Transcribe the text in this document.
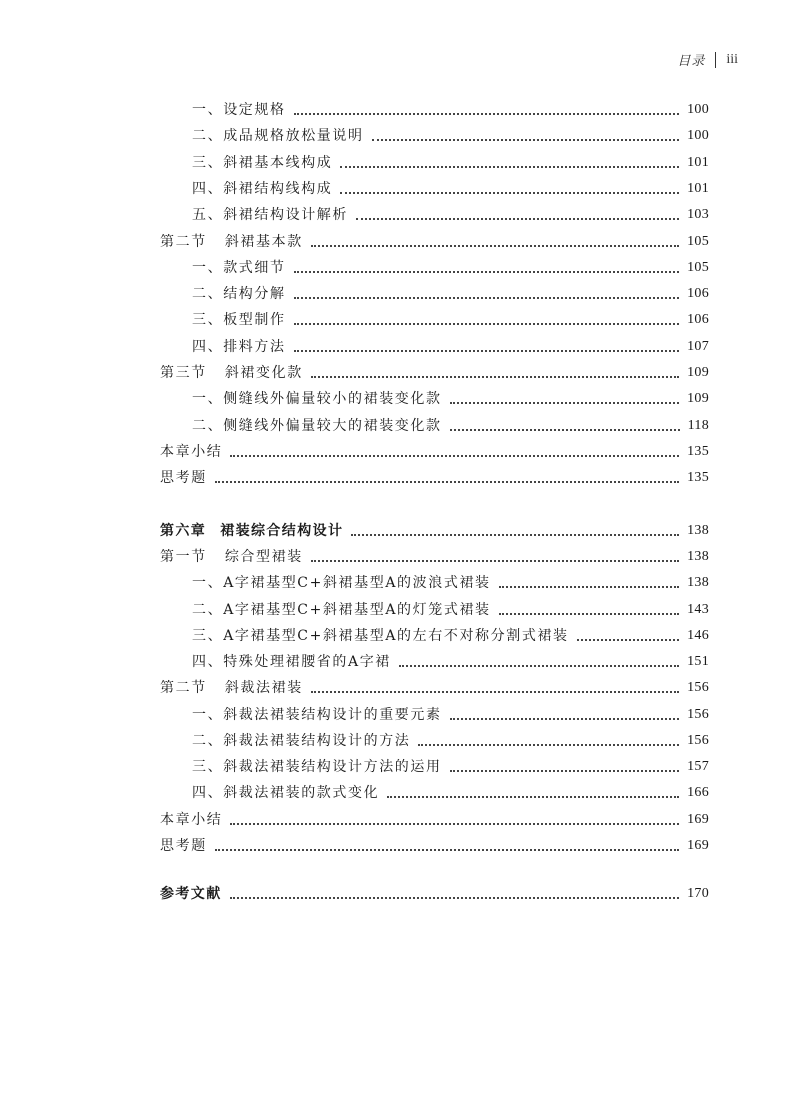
目录 iii
一、设定规格	100
二、成品规格放松量说明	100
三、斜裙基本线构成	101
四、斜裙结构线构成	101
五、斜裙结构设计解析	103
第二节 斜裙基本款	105
一、款式细节	105
二、结构分解	106
三、板型制作	106
四、排料方法	107
第三节 斜裙变化款	109
一、侧缝线外偏量较小的裙装变化款	109
二、侧缝线外偏量较大的裙装变化款	118
本章小结	135
思考题	135
第六章 裙装综合结构设计	138
第一节 综合型裙装	138
一、A字裙基型C+斜裙基型A的波浪式裙装	138
二、A字裙基型C+斜裙基型A的灯笼式裙装	143
三、A字裙基型C+斜裙基型A的左右不对称分割式裙装	146
四、特殊处理裙腰省的A字裙	151
第二节 斜裁法裙装	156
一、斜裁法裙装结构设计的重要元素	156
二、斜裁法裙装结构设计的方法	156
三、斜裁法裙装结构设计方法的运用	157
四、斜裁法裙装的款式变化	166
本章小结	169
思考题	169
参考文献	170
